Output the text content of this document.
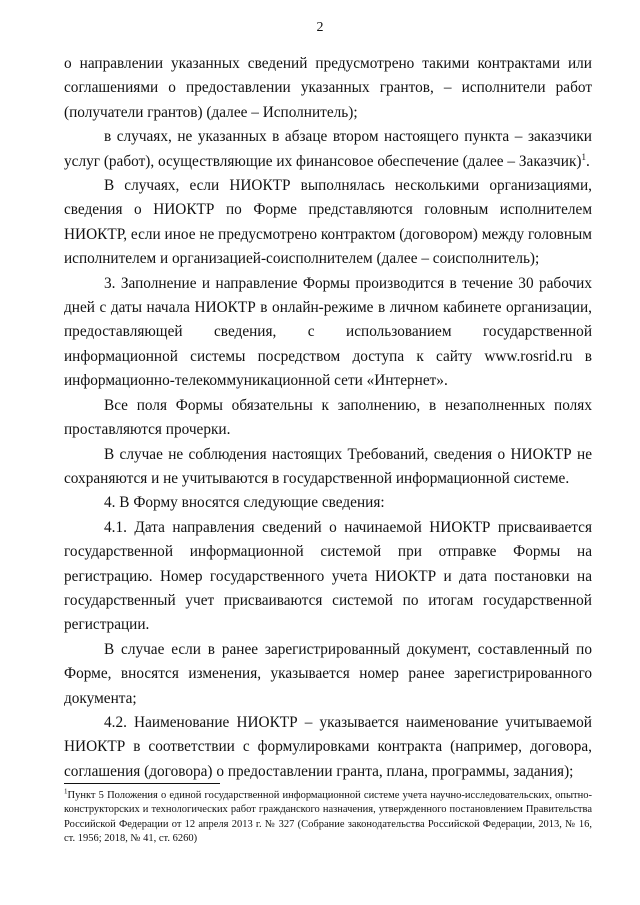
2

о направлении указанных сведений предусмотрено такими контрактами или соглашениями о предоставлении указанных грантов, – исполнители работ (получатели грантов) (далее – Исполнитель);

в случаях, не указанных в абзаце втором настоящего пункта – заказчики услуг (работ), осуществляющие их финансовое обеспечение (далее – Заказчик)$^1$.

В случаях, если НИОКТР выполнялась несколькими организациями, сведения о НИОКТР по Форме представляются головным исполнителем НИОКТР, если иное не предусмотрено контрактом (договором) между головным исполнителем и организацией-соисполнителем (далее – соисполнитель);

3. Заполнение и направление Формы производится в течение 30 рабочих дней с даты начала НИОКТР в онлайн-режиме в личном кабинете организации, предоставляющей сведения, с использованием государственной информационной системы посредством доступа к сайту www.rosrid.ru в информационно-телекоммуникационной сети «Интернет».

Все поля Формы обязательны к заполнению, в незаполненных полях проставляются прочерки.

В случае не соблюдения настоящих Требований, сведения о НИОКТР не сохраняются и не учитываются в государственной информационной системе.

4. В Форму вносятся следующие сведения:

4.1. Дата направления сведений о начинаемой НИОКТР присваивается государственной информационной системой при отправке Формы на регистрацию. Номер государственного учета НИОКТР и дата постановки на государственный учет присваиваются системой по итогам государственной регистрации.

В случае если в ранее зарегистрированный документ, составленный по Форме, вносятся изменения, указывается номер ранее зарегистрированного документа;

4.2. Наименование НИОКТР – указывается наименование учитываемой НИОКТР в соответствии с формулировками контракта (например, договора, соглашения (договора) о предоставлении гранта, плана, программы, задания);

$^1$Пункт 5 Положения о единой государственной информационной системе учета научно-исследовательских, опытно-конструкторских и технологических работ гражданского назначения, утвержденного постановлением Правительства Российской Федерации от 12 апреля 2013 г. № 327 (Собрание законодательства Российской Федерации, 2013, № 16, ст. 1956; 2018, № 41, ст. 6260)
